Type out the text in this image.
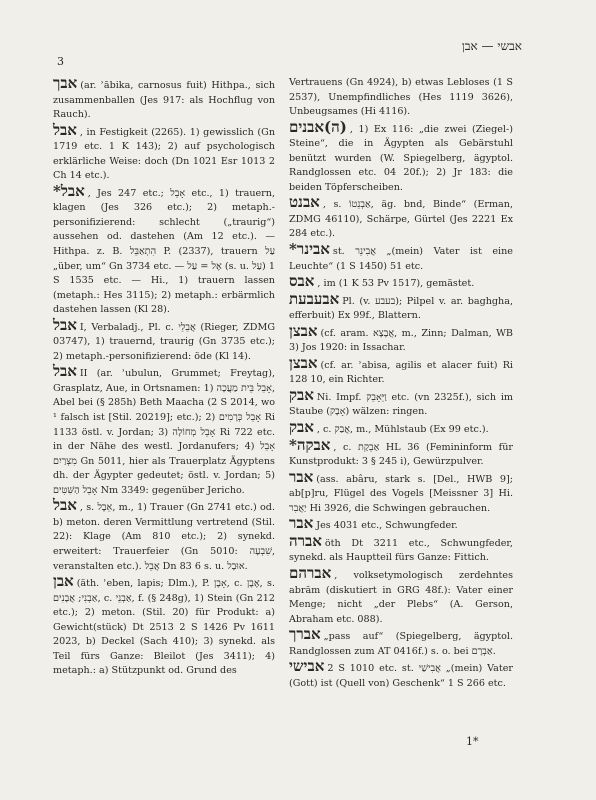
3
אבשי — אבן

אבך (ar. ʾābika, carnosus fuit) Hithpa., sich zusammenballen (Jes 917: als Hochflug von Rauch).

אבל , in Festigkeit (2265). 1) gewisslich (Gn 1719 etc. 1 K 143); 2) auf psychologisch erklärliche Weise: doch (Dn 1021 Esr 1013 2 Ch 14 etc.).

אבל* , Jes 247 etc.; אָבֵל etc., 1) trauern, klagen (Jes 326 etc.); 2) metaph.-personifizierend: schlecht („traurig“) aussehen od. dastehen (Am 12 etc.). — Hithpa. z. B. הִתְאַבֵּל P. (2337), trauern עַל „über, um“ Gn 3734 etc. — אֶל = עַל (s. u. עַל) 1 S 1535 etc. — Hi., 1) trauern lassen (metaph.: Hes 3115); 2) metaph.: erbärmlich dastehen lassen (Kl 28).

אבל I, Verbaladj., Pl. c. אֲבֵלֵי (Rieger, ZDMG 03747), 1) trauernd, traurig (Gn 3735 etc.); 2) metaph.-personifizierend: öde (Kl 14).

אבל II (ar. ʾubulun, Grummet; Freytag), Grasplatz, Aue, in Ortsnamen: 1) אָבֵל בֵּית מַעֲכָה, Abel bei (§ 285h) Beth Maacha (2 S 2014, wo ¹ falsch ist [Stil. 20219]; etc.); 2) אָבֵל כְּרָמִים Ri 1133 östl. v. Jordan; 3) אָבֵל מְחוֹלָה Ri 722 etc. in der Nähe des westl. Jordanufers; 4) אָבֵל מִצְרַיִם Gn 5011, hier als Trauerplatz Ägyptens dh. der Ägypter gedeutet; östl. v. Jordan; 5) אָבֵל הַשִּׁטִּים Nm 3349: gegenüber Jericho.

אבל , s. אֵבֶל, m., 1) Trauer (Gn 2741 etc.) od. b) meton. deren Vermittlung vertretend (Stil. 22): Klage (Am 810 etc.); 2) synekd. erweitert: Trauerfeier (Gn 5010: שִׁבְעָה, veranstalten etc.). אֲבֵל Dn 83 6 s. u. אוּבָל.

אבן (äth. ʾeben, lapis; Dlm.), P. אָבֶן, c. אֶבֶן, s. אַבְנִי; אֲבָנִים, c. אַבְנֵי, f. (§ 248g), 1) Stein (Gn 212 etc.); 2) meton. (Stil. 20) für Produkt: a) Gewicht(stück) Dt 2513 2 S 1426 Pv 1611 2023, b) Deckel (Sach 410); 3) synekd. als Teil fürs Ganze: Bleilot (Jes 3411); 4) metaph.: a) Stützpunkt od. Grund des

Vertrauens (Gn 4924), b) etwas Lebloses (1 S 2537), Unempfindliches (Hes 1119 3626), Unbeugsames (Hi 4116).

(ה)אבנים , 1) Ex 116: „die zwei (Ziegel-) Steine“, die in Ägypten als Gebärstuhl benützt wurden (W. Spiegelberg, ägyptol. Randglossen etc. 04 20f.); 2) Jr 183: die beiden Töpferscheiben.

אבנט , s. אַבְנֵטוֹ, äg. bnd, Binde“ (Erman, ZDMG 46110), Schärpe, Gürtel (Jes 2221 Ex 284 etc.).

אבינר* st. אֲבִינֵר „(mein) Vater ist eine Leuchte“ (1 S 1450) 51 etc.

אבס , im (1 K 53 Pv 1517), gemästet.

אבעבעת Pl. (v. בעבע); Pilpel v. ar. baghgha, efferbuit) Ex 99f., Blattern.

אבצן (cf. aram. אֲבָצָא, m., Zinn; Dalman, WB 3) Jos 1920: in Issachar.

אבצן (cf. ar. ʾabisa, agilis et alacer fuit) Ri 128 10, ein Richter.

אבק Ni. Impf. וַיֵּאָבֵק etc. (vn 2325f.), sich im Staube (אָבָק) wälzen: ringen.

אבק , c. אֲבַק, m., Mühlstaub (Ex 99 etc.).

אבקה* , c. אַבְקַת HL 36 (Femininform für Kunstprodukt: 3 § 245 i), Gewürzpulver.

אבר (ass. abâru, stark s. [Del., HWB 9]; ab[p]ru, Flügel des Vogels [Meissner 3] Hi. יַאֲבִר Hi 3926, die Schwingen gebrauchen.

אבר Jes 4031 etc., Schwungfeder.

אברה öth Dt 3211 etc., Schwungfeder, synekd. als Hauptteil fürs Ganze: Fittich.

אברהם , volksetymologisch zerdehntes abrām (diskutiert in GRG 48f.): Vater einer Menge; nicht „der Plebs“ (A. Gerson, Abraham etc. 088).

אברך „pass auf“ (Spiegelberg, ägyptol. Randglossen zum AT 0416f.) s. o. bei אַבְרָם.

אבישי 2 S 1010 etc. st. אֲבִישַׁי „(mein) Vater (Gott) ist (Quell von) Geschenk“ 1 S 266 etc.

1*
